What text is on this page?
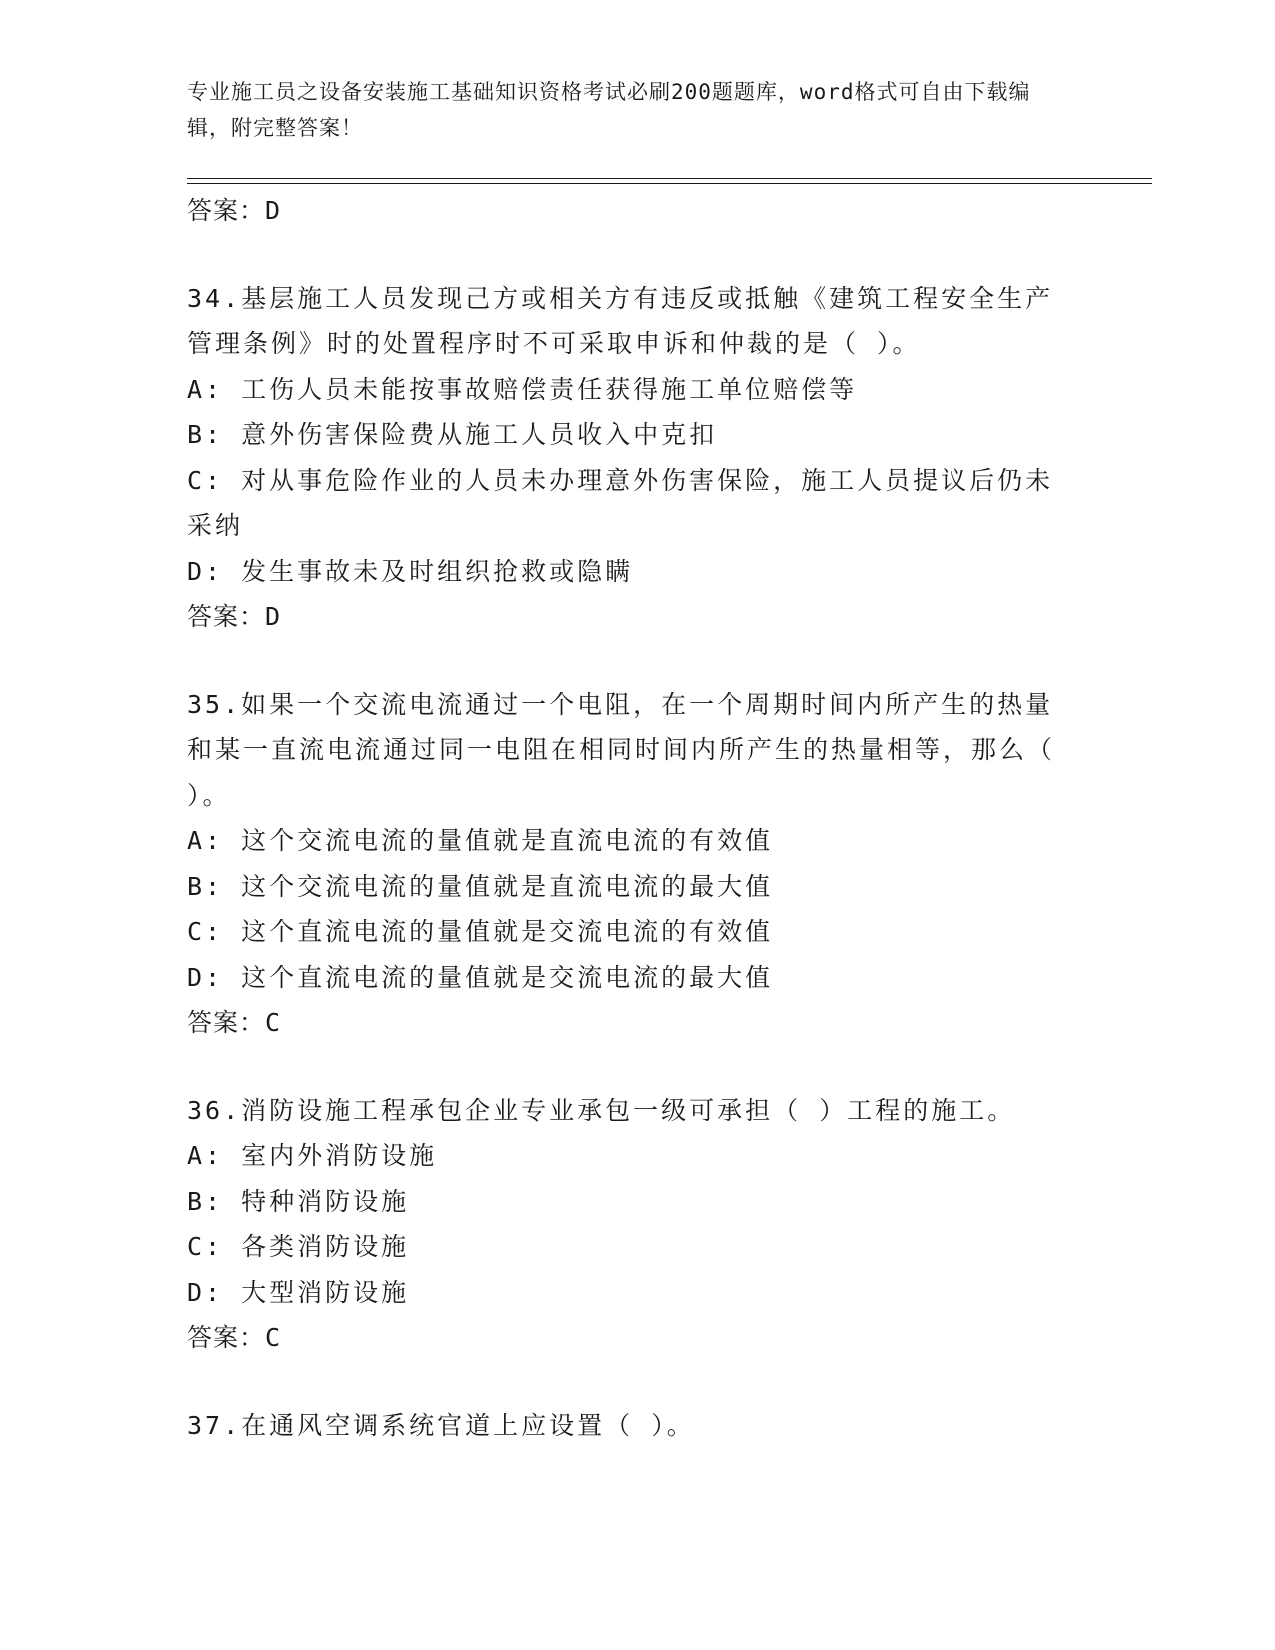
专业施工员之设备安装施工基础知识资格考试必刷200题题库，word格式可自由下载编辑，附完整答案！
答案：D
34.基层施工人员发现己方或相关方有违反或抵触《建筑工程安全生产管理条例》时的处置程序时不可采取申诉和仲裁的是（ ）。
A: 工伤人员未能按事故赔偿责任获得施工单位赔偿等
B: 意外伤害保险费从施工人员收入中克扣
C: 对从事危险作业的人员未办理意外伤害保险，施工人员提议后仍未采纳
D: 发生事故未及时组织抢救或隐瞒
答案：D
35.如果一个交流电流通过一个电阻，在一个周期时间内所产生的热量和某一直流电流通过同一电阻在相同时间内所产生的热量相等，那么（ ）。
A: 这个交流电流的量值就是直流电流的有效值
B: 这个交流电流的量值就是直流电流的最大值
C: 这个直流电流的量值就是交流电流的有效值
D: 这个直流电流的量值就是交流电流的最大值
答案：C
36.消防设施工程承包企业专业承包一级可承担（ ）工程的施工。
A: 室内外消防设施
B: 特种消防设施
C: 各类消防设施
D: 大型消防设施
答案：C
37.在通风空调系统官道上应设置（ ）。
